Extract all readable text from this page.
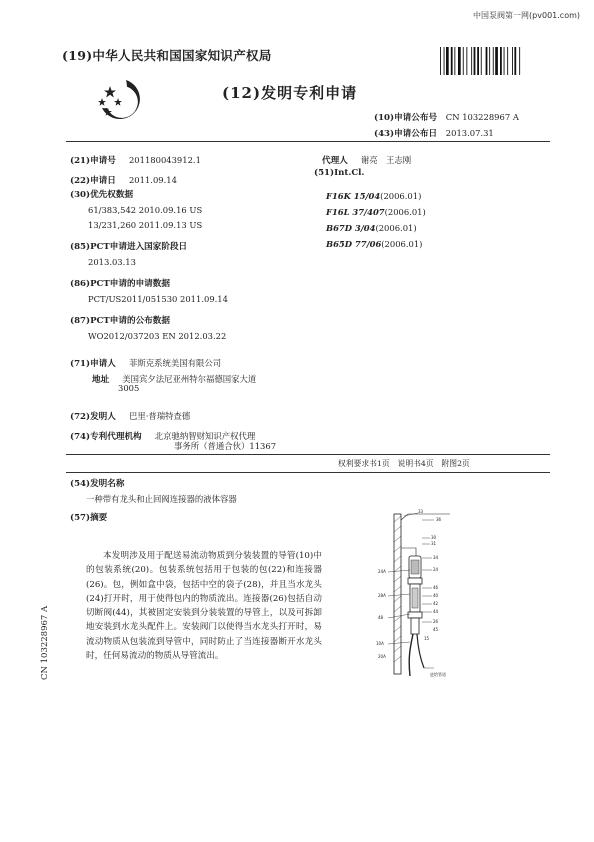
中国泵阀第一网(pv001.com)
(19)中华人民共和国国家知识产权局
(12)发明专利申请
(10)申请公布号 CN 103228967 A
(43)申请公布日 2013.07.31
(21)申请号 201180043912.1
(22)申请日 2011.09.14
(30)优先权数据
61/383,542 2010.09.16 US
13/231,260 2011.09.13 US
(85)PCT申请进入国家阶段日
2013.03.13
(86)PCT申请的申请数据
PCT/US2011/051530 2011.09.14
(87)PCT申请的公布数据
WO2012/037203 EN 2012.03.22
(71)申请人 菲斯克系统美国有限公司
地址 美国宾夕法尼亚州特尔福德国家大道
3005
(72)发明人 巴里·普瑞特查德
(74)专利代理机构 北京驰纳智财知识产权代理
事务所（普通合伙）11367
代理人 谢亮　王志刚
(51)Int.Cl.
F16K 15/04(2006.01)
F16L 37/407(2006.01)
B67D 3/04(2006.01)
B65D 77/06(2006.01)
权利要求书1页　说明书4页　附图2页
(54)发明名称
一种带有龙头和止回阀连接器的液体容器
(57)摘要
本发明涉及用于配送易流动物质到分装装置的导管(10)中的包装系统(20)。包装系统包括用于包装的包(22)和连接器(26)。包，例如盒中袋，包括中空的袋子(28)，并且当水龙头(24)打开时，用于使得包内的物质流出。连接器(26)包括自动切断阀(44)，其被固定安装到分装装置的导管上，以及可拆卸地安装到水龙头配件上。安装阀门以使得当水龙头打开时，易流动物质从包装流到导管中，同时防止了当连接器断开水龙头时，任何易流动的物质从导管流出。
33
36
30
31
34
24A	24
28A
46
48
40
42
44
26
45
15
10A
20A
进给管道
CN 103228967 A
